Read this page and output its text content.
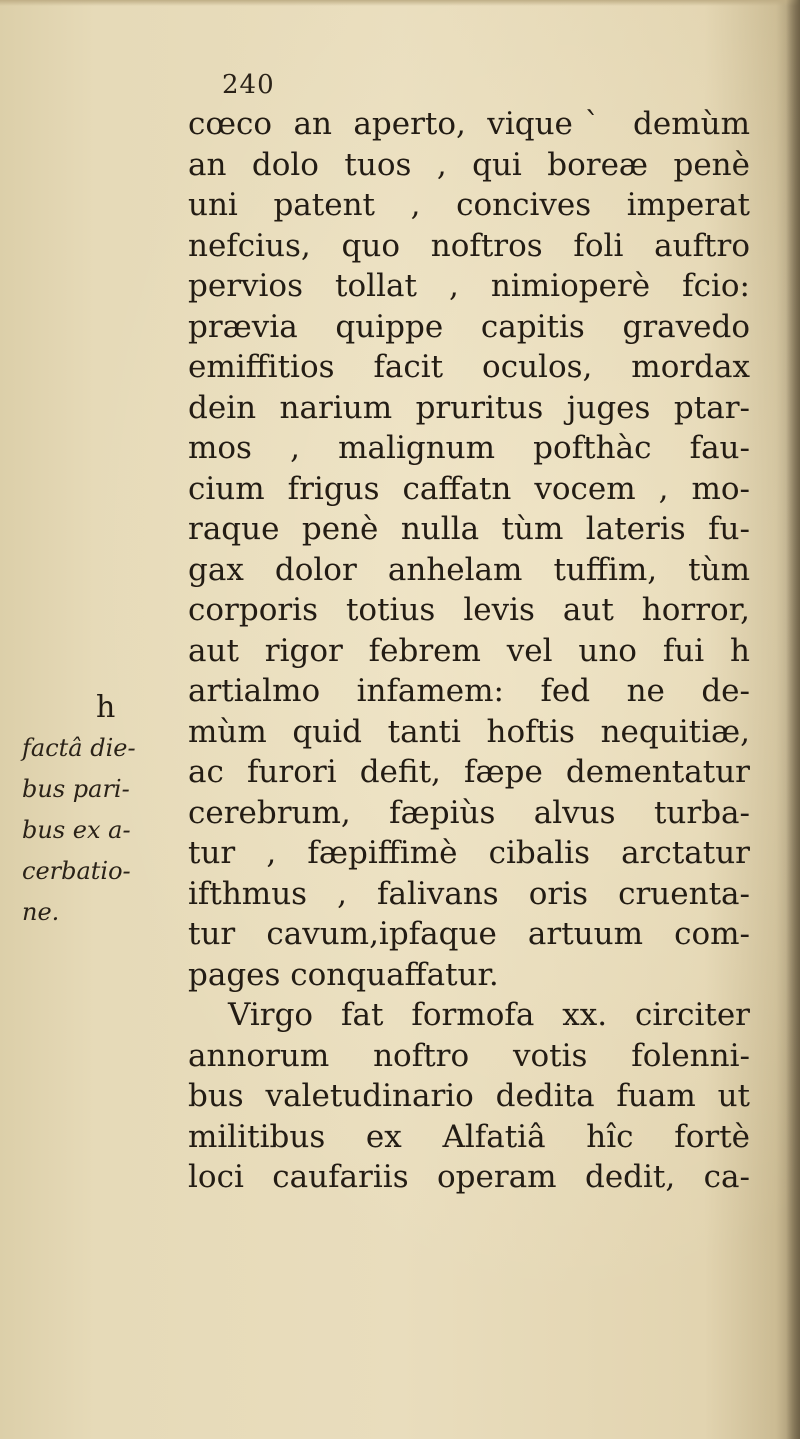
240
cœco an aperto, viqueˋ demùm
an dolo tuos , qui boreæ penè
uni patent , concives imperat
nefcius, quo noftros foli auftro
pervios tollat , nimioperè fcio:
prævia quippe capitis gravedo
emiffitios facit oculos, mordax
dein narium pruritus juges ptar-
mos , malignum pofthàc fau-
cium frigus caffatn vocem , mo-
raque penè nulla tùm lateris fu-
gax dolor anhelam tuffim, tùm
corporis totius levis aut horror,
aut rigor febrem vel uno fui h
artialmo infamem: fed ne de-
mùm quid tanti hoftis nequitiæ,
ac furori defit, fæpe dementatur
cerebrum, fæpiùs alvus turba-
tur , fæpiffimè cibalis arctatur
ifthmus , falivans oris cruenta-
tur cavum,ipfaque artuum com-
pages conquaffatur.
Virgo fat formofa xx. circiter
annorum noftro votis folenni-
bus valetudinario dedita fuam ut
militibus ex Alfatiâ hîc fortè
loci caufariis operam dedit, ca-
h
factâ die-
bus pari-
bus ex a-
cerbatio-
ne.
